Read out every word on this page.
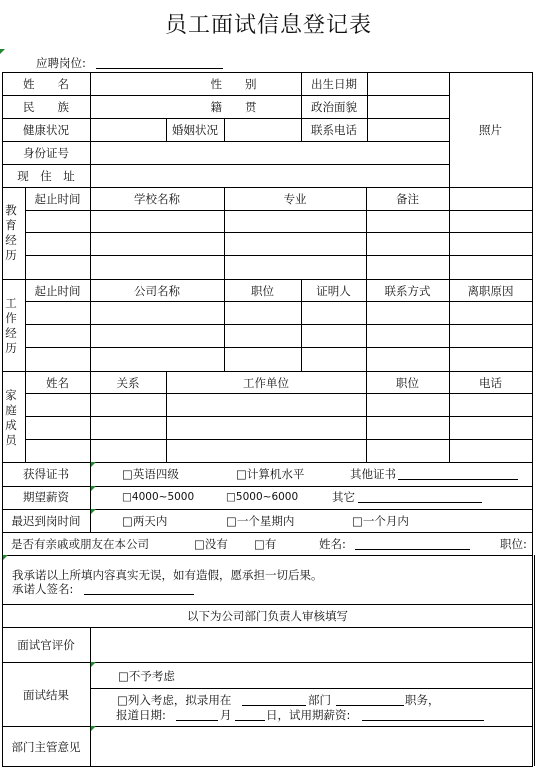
员工面试信息登记表
应聘岗位:
姓　　名	性　　别	出生日期
民　　族	籍　　贯	政治面貌
健康状况	婚姻状况	联系电话	照片
身份证号
现　住　址
教
育
经
历
起止时间	学校名称	专业	备注
工
作
经
历
起止时间	公司名称	职位	证明人	联系方式	离职原因
家
庭
成
员
姓名	关系	工作单位	职位	电话
获得证书	□英语四级	□计算机水平	其他证书
期望薪资	□4000~5000	□5000~6000	其它
最迟到岗时间	□两天内	□一个星期内	□一个月内
是否有亲戚或朋友在本公司	□没有 □有	姓名:	职位:
我承诺以上所填内容真实无误，如有造假，愿承担一切后果。
承诺人签名:
以下为公司部门负责人审核填写
面试官评价
面试结果
□不予考虑
□列入考虑，拟录用在	部门	职务，
报道日期:	月	日，试用期薪资:
部门主管意见
